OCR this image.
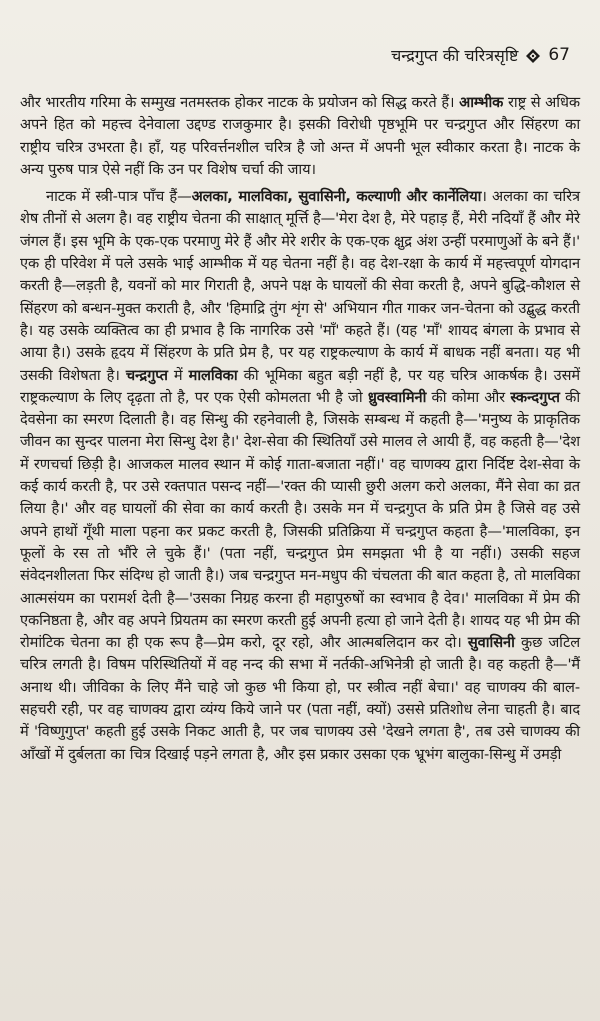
चन्द्रगुप्त की चरित्रसृष्टि 67

और भारतीय गरिमा के सम्मुख नतमस्तक होकर नाटक के प्रयोजन को सिद्ध करते हैं। आम्भीक राष्ट्र से अधिक अपने हित को महत्त्व देनेवाला उद्दण्ड राजकुमार है। इसकी विरोधी पृष्ठभूमि पर चन्द्रगुप्त और सिंहरण का राष्ट्रीय चरित्र उभरता है। हाँ, यह परिवर्त्तनशील चरित्र है जो अन्त में अपनी भूल स्वीकार करता है। नाटक के अन्य पुरुष पात्र ऐसे नहीं कि उन पर विशेष चर्चा की जाय।

नाटक में स्त्री-पात्र पाँच हैं—अलका, मालविका, सुवासिनी, कल्याणी और कार्नेलिया। अलका का चरित्र शेष तीनों से अलग है। वह राष्ट्रीय चेतना की साक्षात् मूर्त्ति है—'मेरा देश है, मेरे पहाड़ हैं, मेरी नदियाँ हैं और मेरे जंगल हैं। इस भूमि के एक-एक परमाणु मेरे हैं और मेरे शरीर के एक-एक क्षुद्र अंश उन्हीं परमाणुओं के बने हैं।' एक ही परिवेश में पले उसके भाई आम्भीक में यह चेतना नहीं है। वह देश-रक्षा के कार्य में महत्त्वपूर्ण योगदान करती है—लड़ती है, यवनों को मार गिराती है, अपने पक्ष के घायलों की सेवा करती है, अपने बुद्धि-कौशल से सिंहरण को बन्धन-मुक्त कराती है, और 'हिमाद्रि तुंग शृंग से' अभियान गीत गाकर जन-चेतना को उद्बुद्ध करती है। यह उसके व्यक्तित्व का ही प्रभाव है कि नागरिक उसे 'माँ' कहते हैं। (यह 'माँ' शायद बंगला के प्रभाव से आया है।) उसके हृदय में सिंहरण के प्रति प्रेम है, पर यह राष्ट्रकल्याण के कार्य में बाधक नहीं बनता। यह भी उसकी विशेषता है। चन्द्रगुप्त में मालविका की भूमिका बहुत बड़ी नहीं है, पर यह चरित्र आकर्षक है। उसमें राष्ट्रकल्याण के लिए दृढ़ता तो है, पर एक ऐसी कोमलता भी है जो ध्रुवस्वामिनी की कोमा और स्कन्दगुप्त की देवसेना का स्मरण दिलाती है। वह सिन्धु की रहनेवाली है, जिसके सम्बन्ध में कहती है—'मनुष्य के प्राकृतिक जीवन का सुन्दर पालना मेरा सिन्धु देश है।' देश-सेवा की स्थितियाँ उसे मालव ले आयी हैं, वह कहती है—'देश में रणचर्चा छिड़ी है। आजकल मालव स्थान में कोई गाता-बजाता नहीं।' वह चाणक्य द्वारा निर्दिष्ट देश-सेवा के कई कार्य करती है, पर उसे रक्तपात पसन्द नहीं—'रक्त की प्यासी छुरी अलग करो अलका, मैंने सेवा का व्रत लिया है।' और वह घायलों की सेवा का कार्य करती है। उसके मन में चन्द्रगुप्त के प्रति प्रेम है जिसे वह उसे अपने हाथों गूँथी माला पहना कर प्रकट करती है, जिसकी प्रतिक्रिया में चन्द्रगुप्त कहता है—'मालविका, इन फूलों के रस तो भौंरे ले चुके हैं।' (पता नहीं, चन्द्रगुप्त प्रेम समझता भी है या नहीं।) उसकी सहज संवेदनशीलता फिर संदिग्ध हो जाती है।) जब चन्द्रगुप्त मन-मधुप की चंचलता की बात कहता है, तो मालविका आत्मसंयम का परामर्श देती है—'उसका निग्रह करना ही महापुरुषों का स्वभाव है देव।' मालविका में प्रेम की एकनिष्ठता है, और वह अपने प्रियतम का स्मरण करती हुई अपनी हत्या हो जाने देती है। शायद यह भी प्रेम की रोमांटिक चेतना का ही एक रूप है—प्रेम करो, दूर रहो, और आत्मबलिदान कर दो। सुवासिनी कुछ जटिल चरित्र लगती है। विषम परिस्थितियों में वह नन्द की सभा में नर्तकी-अभिनेत्री हो जाती है। वह कहती है—'मैं अनाथ थी। जीविका के लिए मैंने चाहे जो कुछ भी किया हो, पर स्त्रीत्व नहीं बेचा।' वह चाणक्य की बाल-सहचरी रही, पर वह चाणक्य द्वारा व्यंग्य किये जाने पर (पता नहीं, क्यों) उससे प्रतिशोध लेना चाहती है। बाद में 'विष्णुगुप्त' कहती हुई उसके निकट आती है, पर जब चाणक्य उसे 'देखने लगता है', तब उसे चाणक्य की आँखों में दुर्बलता का चित्र दिखाई पड़ने लगता है, और इस प्रकार उसका एक भ्रूभंग बालुका-सिन्धु में उमड़ी
